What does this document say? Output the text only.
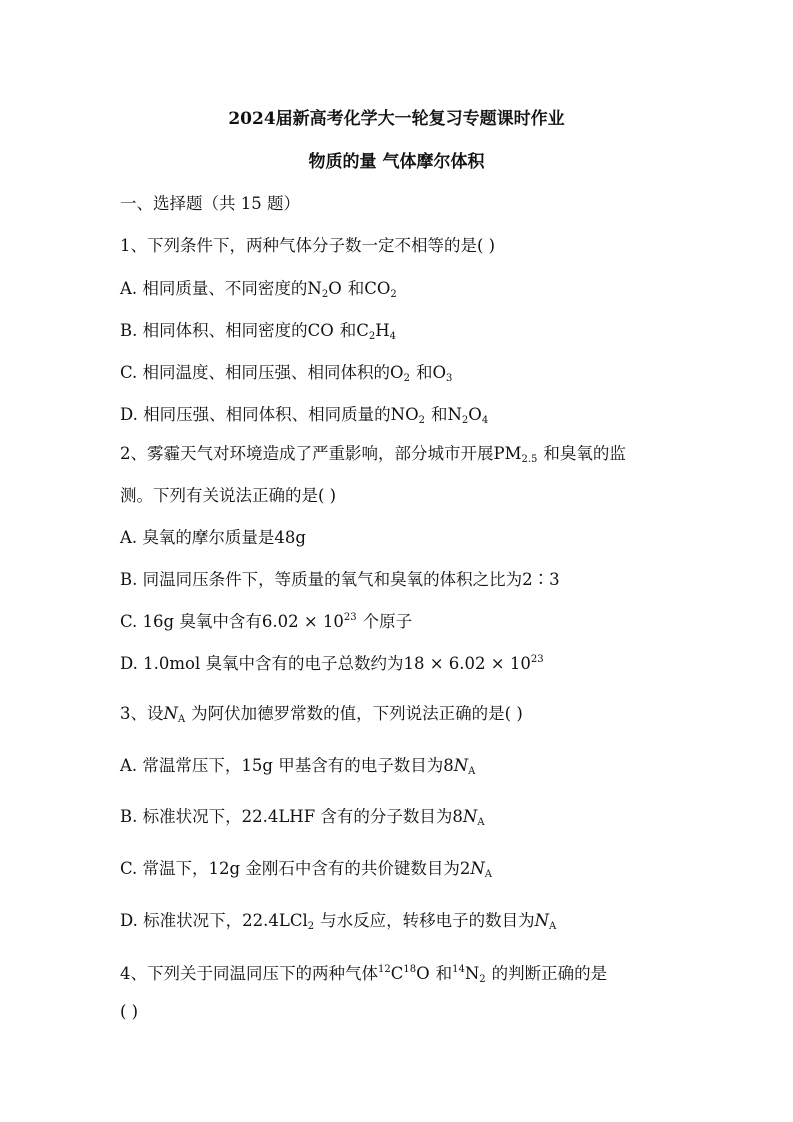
2024届新高考化学大一轮复习专题课时作业
物质的量 气体摩尔体积
一、选择题（共 15 题）
1、下列条件下，两种气体分子数一定不相等的是( )
A. 相同质量、不同密度的$N_2O$ 和$CO_2$
B. 相同体积、相同密度的CO 和$C_2H_4$
C. 相同温度、相同压强、相同体积的$O_2$ 和$O_3$
D. 相同压强、相同体积、相同质量的$NO_2$ 和$N_2O_4$
2、雾霾天气对环境造成了严重影响，部分城市开展$PM_{2.5}$ 和臭氧的监
测。下列有关说法正确的是( )
A. 臭氧的摩尔质量是48g
B. 同温同压条件下，等质量的氧气和臭氧的体积之比为2∶3
C. 16g 臭氧中含有$6.02 \times 10^{23}$ 个原子
D. 1.0mol 臭氧中含有的电子总数约为$18 \times 6.02 \times 10^{23}$
3、设$N_A$ 为阿伏加德罗常数的值，下列说法正确的是( )
A. 常温常压下，15g 甲基含有的电子数目为$8N_A$
B. 标准状况下，22.4LHF 含有的分子数目为$8N_A$
C. 常温下，12g 金刚石中含有的共价键数目为$2N_A$
D. 标准状况下，22.4LCl$_2$ 与水反应，转移电子的数目为$N_A$
4、下列关于同温同压下的两种气体$^{12}C^{18}O$ 和$^{14}N_2$ 的判断正确的是
( )
